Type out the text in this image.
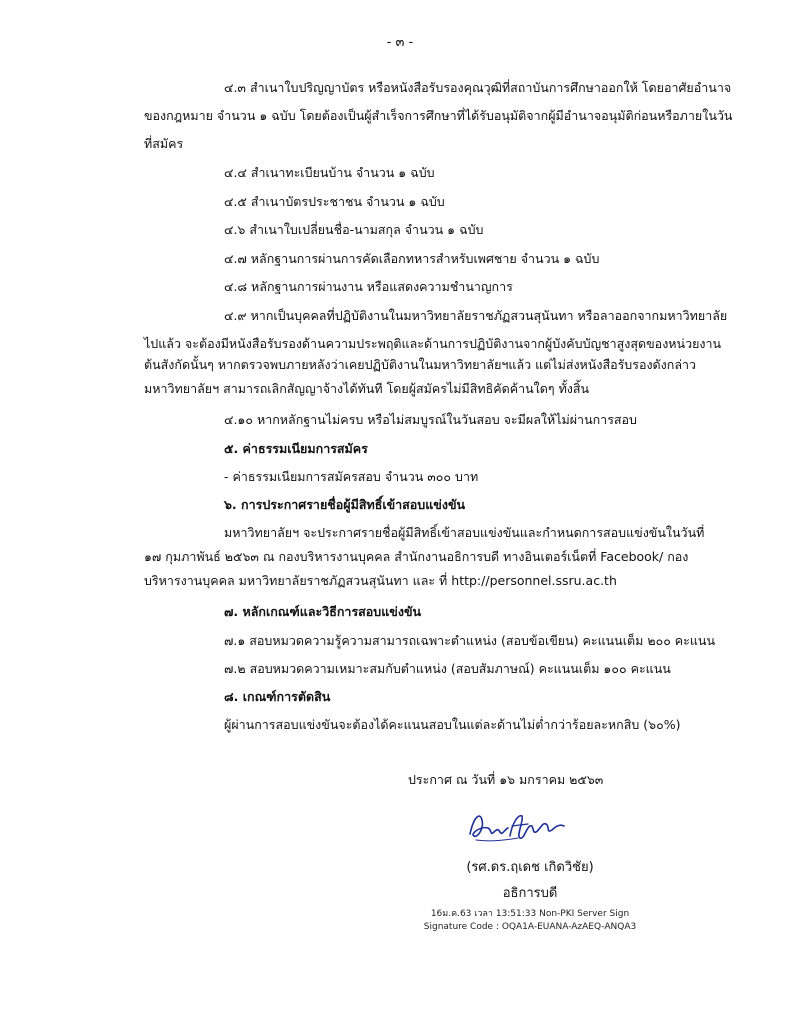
- ๓ -
๔.๓ สำเนาใบปริญญาบัตร หรือหนังสือรับรองคุณวุฒิที่สถาบันการศึกษาออกให้ โดยอาศัยอำนาจ
ของกฎหมาย จำนวน ๑ ฉบับ โดยต้องเป็นผู้สำเร็จการศึกษาที่ได้รับอนุมัติจากผู้มีอำนาจอนุมัติก่อนหรือภายในวัน
ที่สมัคร
๔.๔ สำเนาทะเบียนบ้าน จำนวน ๑ ฉบับ
๔.๕ สำเนาบัตรประชาชน จำนวน ๑ ฉบับ
๔.๖ สำเนาใบเปลี่ยนชื่อ-นามสกุล จำนวน ๑ ฉบับ
๔.๗ หลักฐานการผ่านการคัดเลือกทหารสำหรับเพศชาย จำนวน ๑ ฉบับ
๔.๘ หลักฐานการผ่านงาน หรือแสดงความชำนาญการ
๔.๙ หากเป็นบุคคลที่ปฏิบัติงานในมหาวิทยาลัยราชภัฏสวนสุนันทา หรือลาออกจากมหาวิทยาลัย
ไปแล้ว จะต้องมีหนังสือรับรองด้านความประพฤติและด้านการปฏิบัติงานจากผู้บังคับบัญชาสูงสุดของหน่วยงาน
ต้นสังกัดนั้นๆ หากตรวจพบภายหลังว่าเคยปฏิบัติงานในมหาวิทยาลัยฯแล้ว แต่ไม่ส่งหนังสือรับรองดังกล่าว
มหาวิทยาลัยฯ สามารถเลิกสัญญาจ้างได้ทันที โดยผู้สมัครไม่มีสิทธิคัดค้านใดๆ ทั้งสิ้น
๔.๑๐ หากหลักฐานไม่ครบ หรือไม่สมบูรณ์ในวันสอบ จะมีผลให้ไม่ผ่านการสอบ
๕. ค่าธรรมเนียมการสมัคร
- ค่าธรรมเนียมการสมัครสอบ จำนวน ๓๐๐ บาท
๖. การประกาศรายชื่อผู้มีสิทธิ์เข้าสอบแข่งขัน
มหาวิทยาลัยฯ จะประกาศรายชื่อผู้มีสิทธิ์เข้าสอบแข่งขันและกำหนดการสอบแข่งขันในวันที่
๑๗ กุมภาพันธ์ ๒๕๖๓ ณ กองบริหารงานบุคคล สำนักงานอธิการบดี ทางอินเตอร์เน็ตที่ Facebook/ กอง
บริหารงานบุคคล มหาวิทยาลัยราชภัฏสวนสุนันทา และ ที่ http://personnel.ssru.ac.th
๗. หลักเกณฑ์และวิธีการสอบแข่งขัน
๗.๑ สอบหมวดความรู้ความสามารถเฉพาะตำแหน่ง (สอบข้อเขียน) คะแนนเต็ม ๒๐๐ คะแนน
๗.๒ สอบหมวดความเหมาะสมกับตำแหน่ง (สอบสัมภาษณ์) คะแนนเต็ม ๑๐๐ คะแนน
๘. เกณฑ์การตัดสิน
ผู้ผ่านการสอบแข่งขันจะต้องได้คะแนนสอบในแต่ละด้านไม่ต่ำกว่าร้อยละหกสิบ (๖๐%)
ประกาศ ณ วันที่ ๑๖ มกราคม ๒๕๖๓
(รศ.ดร.ฤเดช เกิดวิชัย)
อธิการบดี
16ม.ค.63 เวลา 13:51:33 Non-PKI Server Sign
Signature Code : OQA1A-EUANA-AzAEQ-ANQA3
